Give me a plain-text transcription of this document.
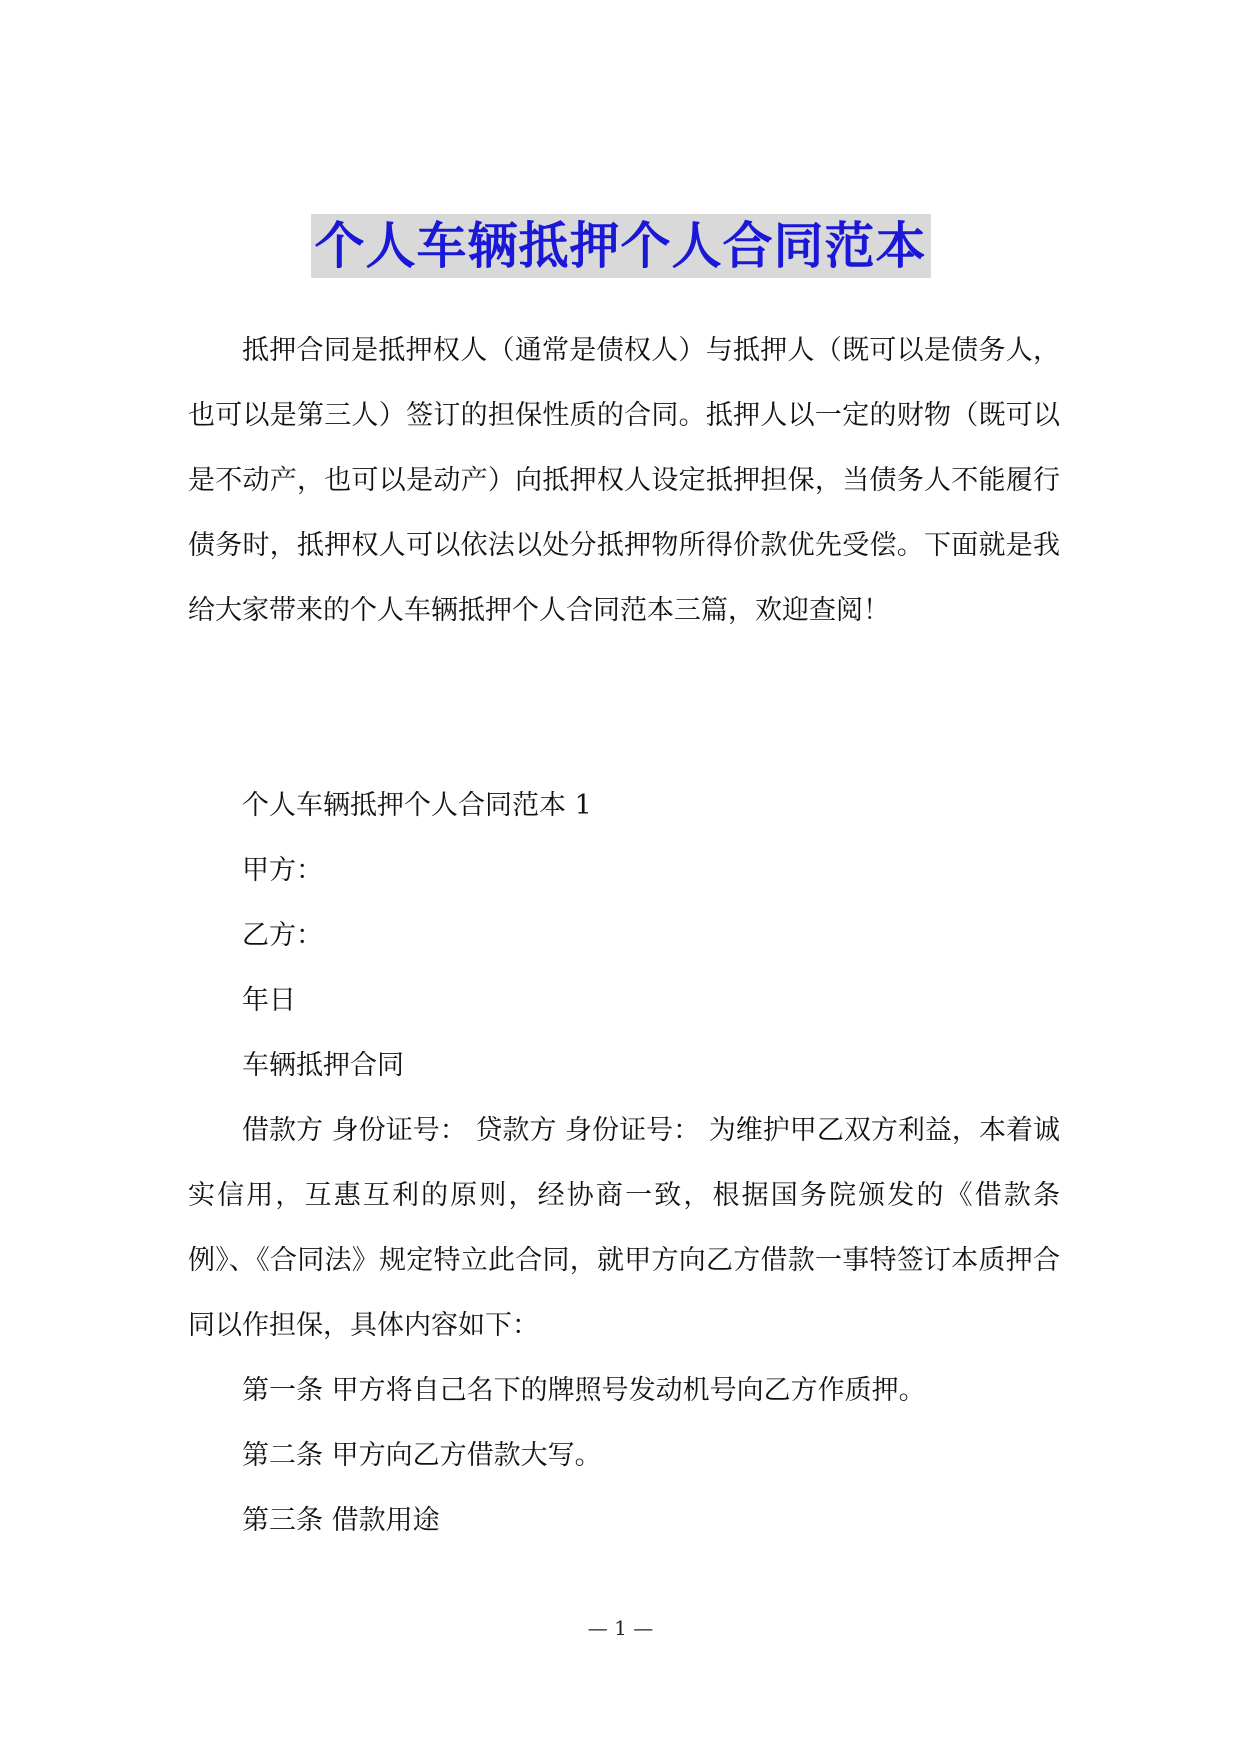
个人车辆抵押个人合同范本

抵押合同是抵押权人（通常是债权人）与抵押人（既可以是债务人，也可以是第三人）签订的担保性质的合同。抵押人以一定的财物（既可以是不动产，也可以是动产）向抵押权人设定抵押担保，当债务人不能履行债务时，抵押权人可以依法以处分抵押物所得价款优先受偿。下面就是我给大家带来的个人车辆抵押个人合同范本三篇，欢迎查阅！

个人车辆抵押个人合同范本 1

甲方：

乙方：

年日

车辆抵押合同

借款方 身份证号： 贷款方 身份证号： 为维护甲乙双方利益，本着诚实信用，互惠互利的原则，经协商一致，根据国务院颁发的《借款条例》、《合同法》规定特立此合同，就甲方向乙方借款一事特签订本质押合同以作担保，具体内容如下：

第一条 甲方将自己名下的牌照号发动机号向乙方作质押。

第二条 甲方向乙方借款大写。

第三条 借款用途

— 1 —
